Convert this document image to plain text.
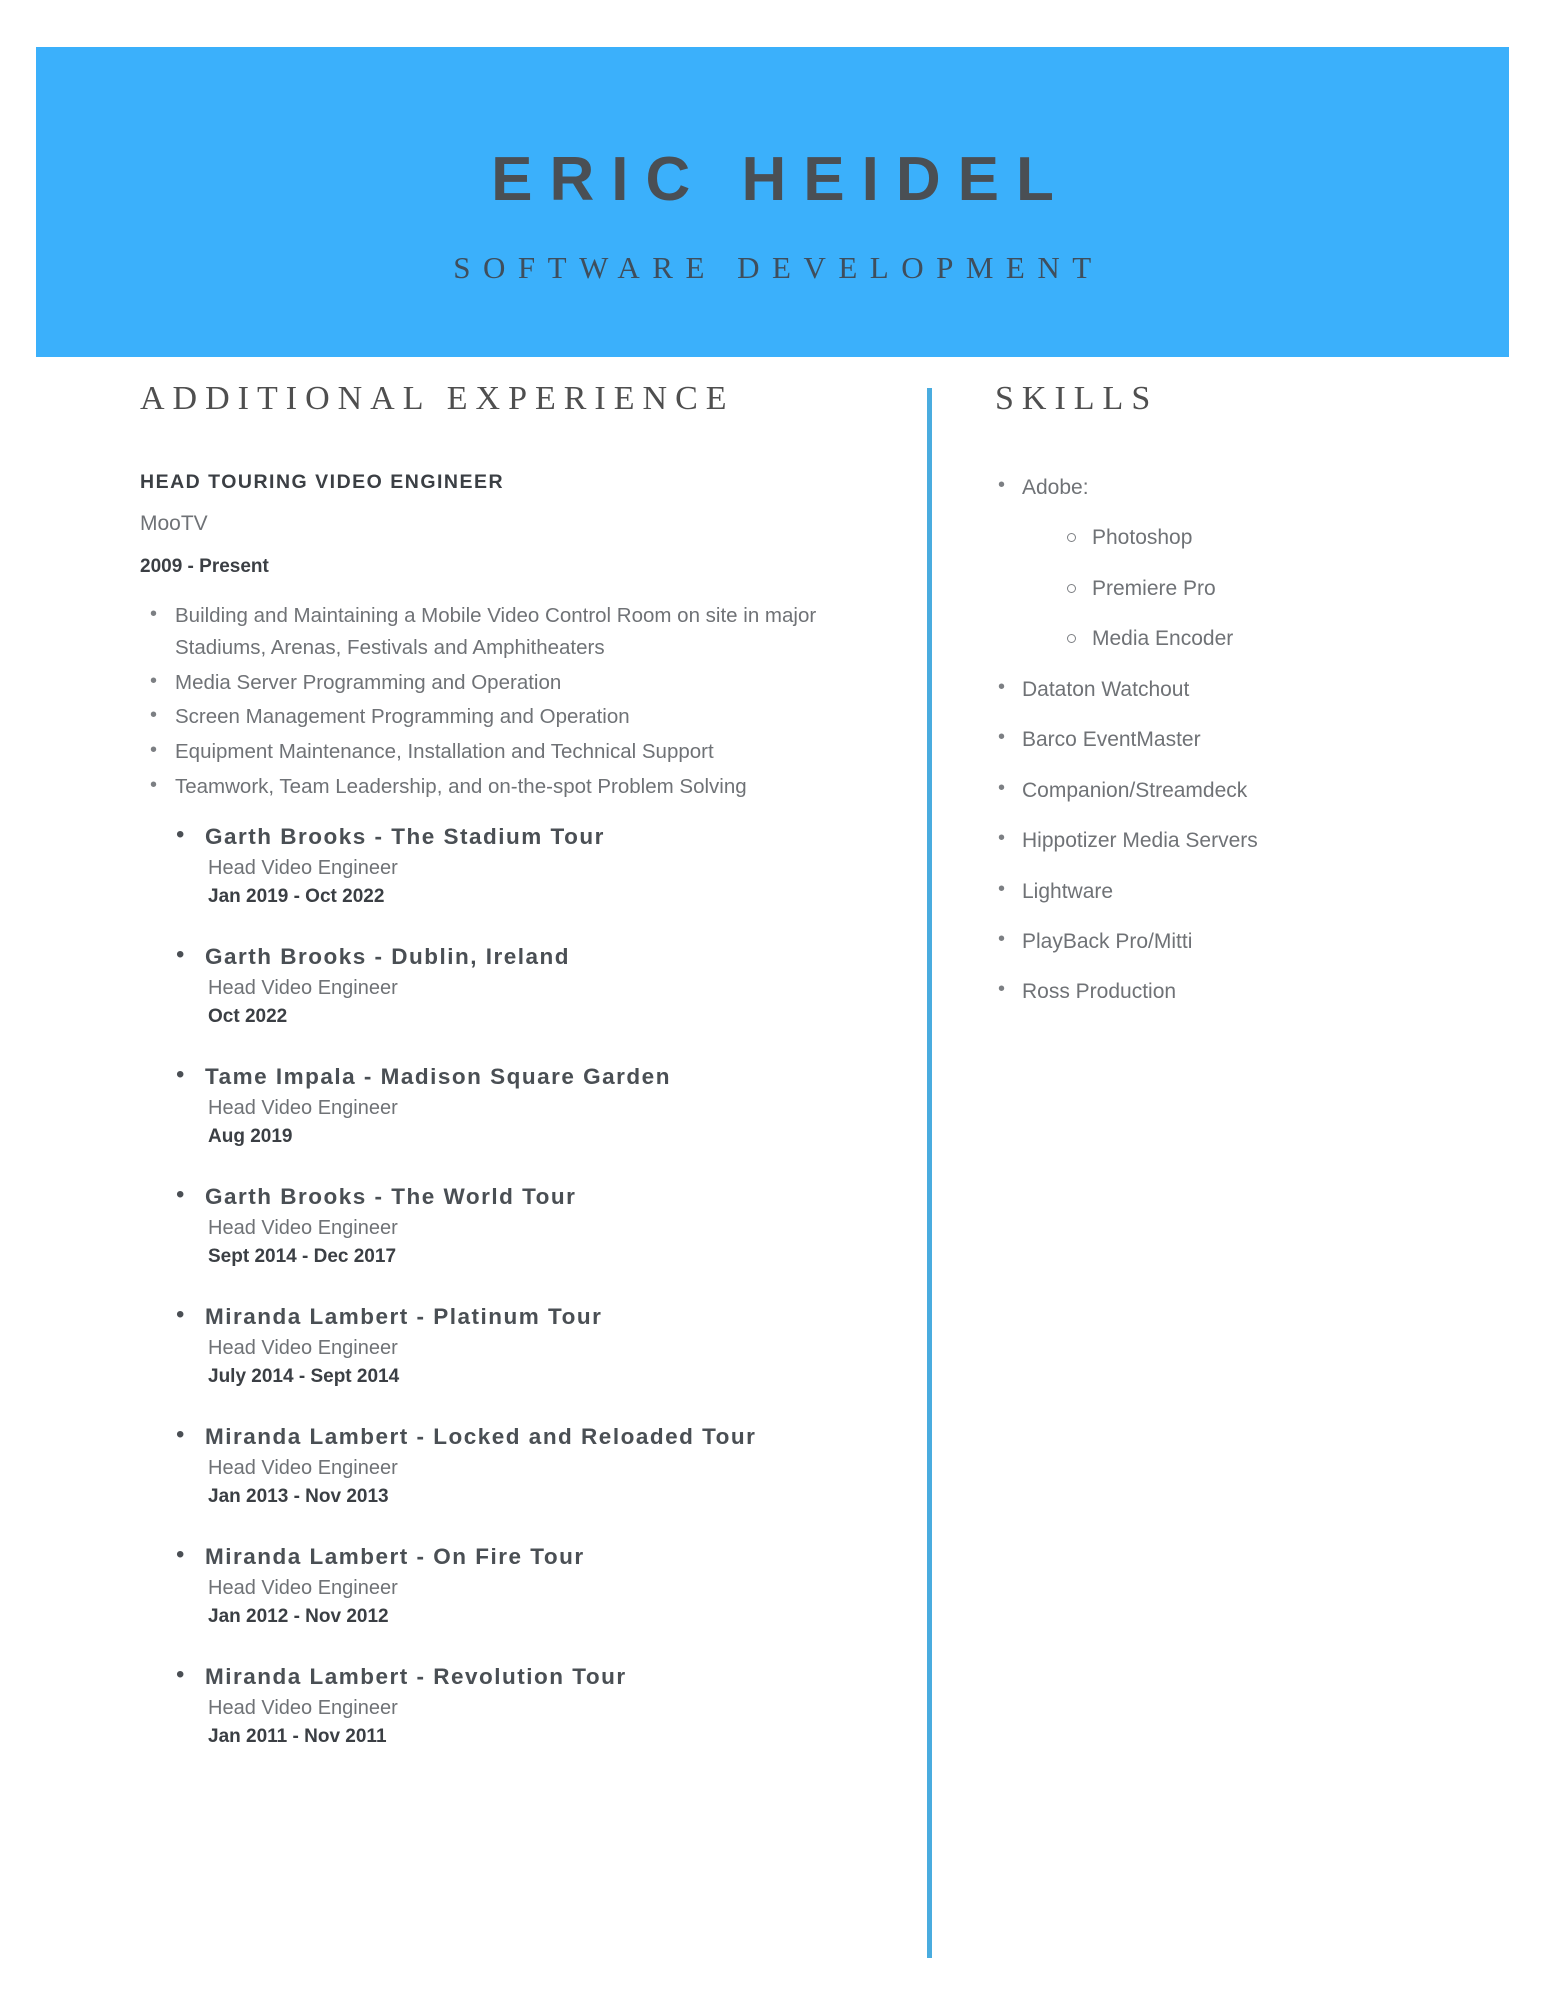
ERIC HEIDEL
SOFTWARE DEVELOPMENT
ADDITIONAL EXPERIENCE
HEAD TOURING VIDEO ENGINEER
MooTV
2009 - Present
• Building and Maintaining a Mobile Video Control Room on site in major Stadiums, Arenas, Festivals and Amphitheaters
• Media Server Programming and Operation
• Screen Management Programming and Operation
• Equipment Maintenance, Installation and Technical Support
• Teamwork, Team Leadership, and on-the-spot Problem Solving
• Garth Brooks - The Stadium Tour
Head Video Engineer
Jan 2019 - Oct 2022
• Garth Brooks - Dublin, Ireland
Head Video Engineer
Oct 2022
• Tame Impala - Madison Square Garden
Head Video Engineer
Aug 2019
• Garth Brooks - The World Tour
Head Video Engineer
Sept 2014 - Dec 2017
• Miranda Lambert - Platinum Tour
Head Video Engineer
July 2014 - Sept 2014
• Miranda Lambert - Locked and Reloaded Tour
Head Video Engineer
Jan 2013 - Nov 2013
• Miranda Lambert - On Fire Tour
Head Video Engineer
Jan 2012 - Nov 2012
• Miranda Lambert - Revolution Tour
Head Video Engineer
Jan 2011 - Nov 2011
SKILLS
• Adobe:
Photoshop
Premiere Pro
Media Encoder
• Dataton Watchout
• Barco EventMaster
• Companion/Streamdeck
• Hippotizer Media Servers
• Lightware
• PlayBack Pro/Mitti
• Ross Production
